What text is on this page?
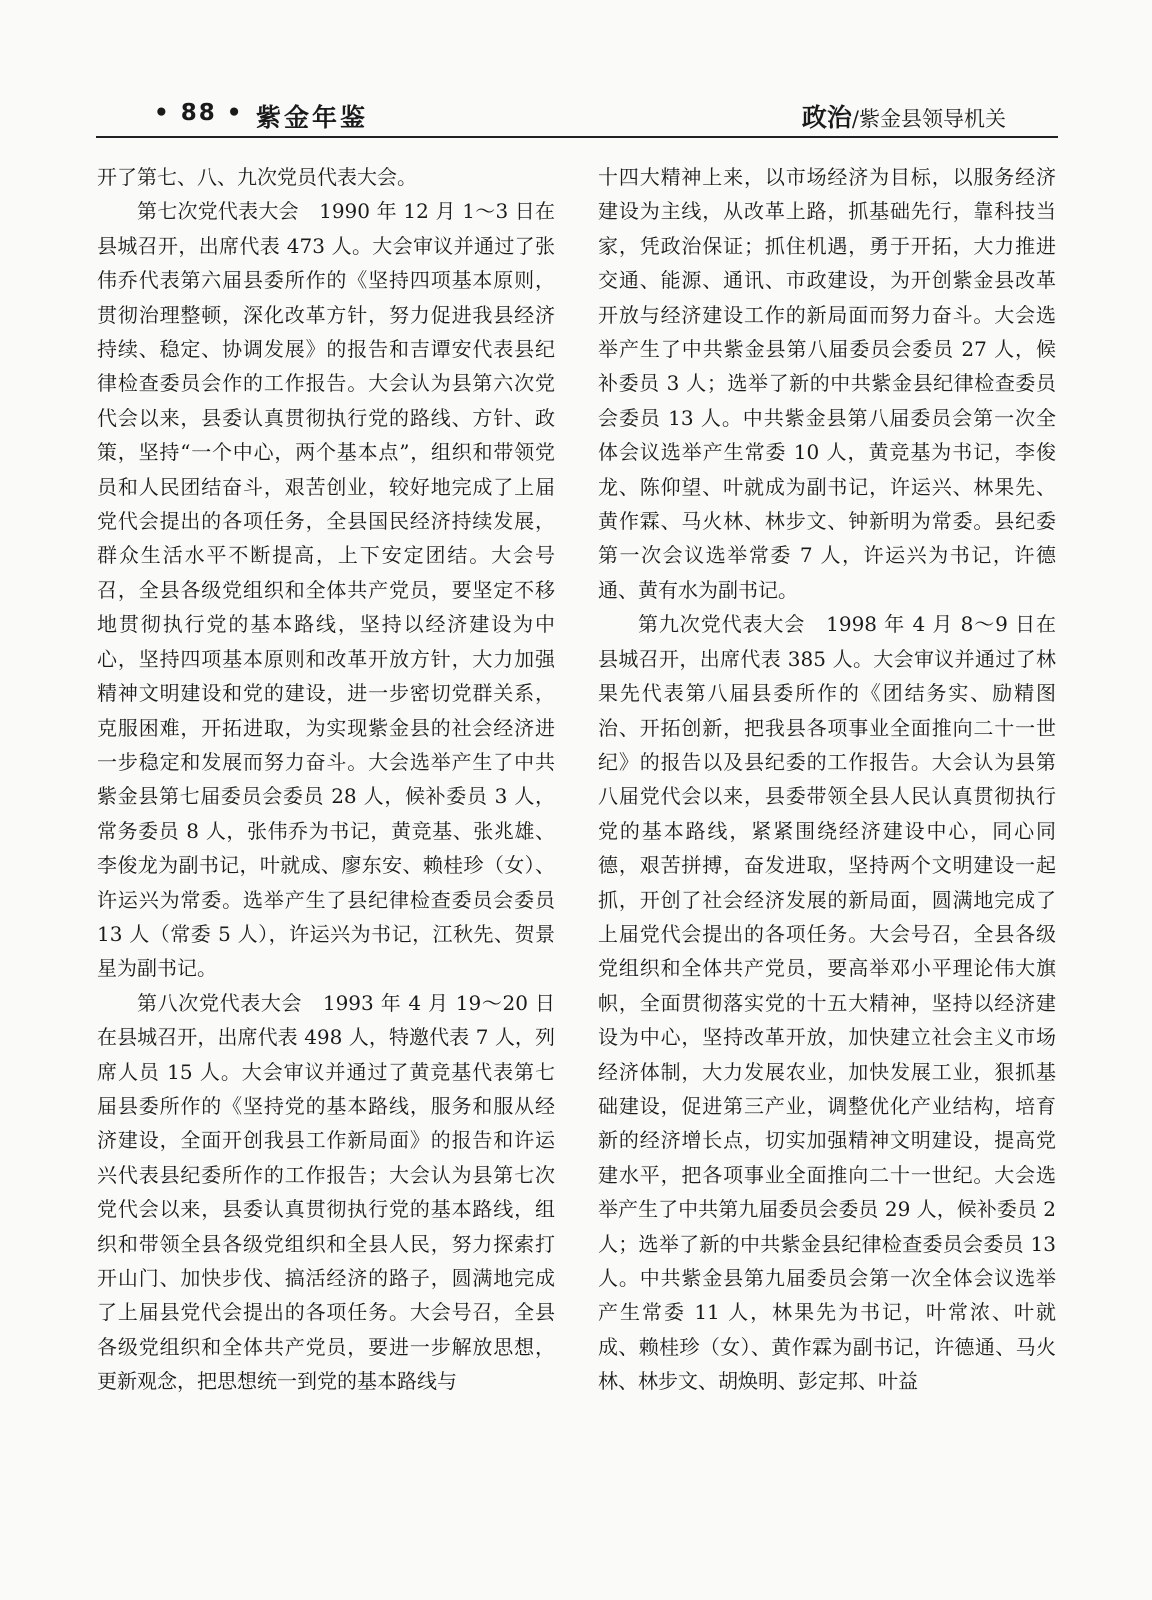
• 88 • 紫金年鉴	政治/紫金县领导机关

开了第七、八、九次党员代表大会。

第七次党代表大会　1990 年 12 月 1～3 日在县城召开，出席代表 473 人。大会审议并通过了张伟乔代表第六届县委所作的《坚持四项基本原则，贯彻治理整顿，深化改革方针，努力促进我县经济持续、稳定、协调发展》的报告和吉谭安代表县纪律检查委员会作的工作报告。大会认为县第六次党代会以来，县委认真贯彻执行党的路线、方针、政策，坚持“一个中心，两个基本点”，组织和带领党员和人民团结奋斗，艰苦创业，较好地完成了上届党代会提出的各项任务，全县国民经济持续发展，群众生活水平不断提高，上下安定团结。大会号召，全县各级党组织和全体共产党员，要坚定不移地贯彻执行党的基本路线，坚持以经济建设为中心，坚持四项基本原则和改革开放方针，大力加强精神文明建设和党的建设，进一步密切党群关系，克服困难，开拓进取，为实现紫金县的社会经济进一步稳定和发展而努力奋斗。大会选举产生了中共紫金县第七届委员会委员 28 人，候补委员 3 人，常务委员 8 人，张伟乔为书记，黄竞基、张兆雄、李俊龙为副书记，叶就成、廖东安、赖桂珍（女）、许运兴为常委。选举产生了县纪律检查委员会委员 13 人（常委 5 人），许运兴为书记，江秋先、贺景星为副书记。

第八次党代表大会　1993 年 4 月 19～20 日在县城召开，出席代表 498 人，特邀代表 7 人，列席人员 15 人。大会审议并通过了黄竞基代表第七届县委所作的《坚持党的基本路线，服务和服从经济建设，全面开创我县工作新局面》的报告和许运兴代表县纪委所作的工作报告；大会认为县第七次党代会以来，县委认真贯彻执行党的基本路线，组织和带领全县各级党组织和全县人民，努力探索打开山门、加快步伐、搞活经济的路子，圆满地完成了上届县党代会提出的各项任务。大会号召，全县各级党组织和全体共产党员，要进一步解放思想，更新观念，把思想统一到党的基本路线与

十四大精神上来，以市场经济为目标，以服务经济建设为主线，从改革上路，抓基础先行，靠科技当家，凭政治保证；抓住机遇，勇于开拓，大力推进交通、能源、通讯、市政建设，为开创紫金县改革开放与经济建设工作的新局面而努力奋斗。大会选举产生了中共紫金县第八届委员会委员 27 人，候补委员 3 人；选举了新的中共紫金县纪律检查委员会委员 13 人。中共紫金县第八届委员会第一次全体会议选举产生常委 10 人，黄竞基为书记，李俊龙、陈仰望、叶就成为副书记，许运兴、林果先、黄作霖、马火林、林步文、钟新明为常委。县纪委第一次会议选举常委 7 人，许运兴为书记，许德通、黄有水为副书记。

第九次党代表大会　1998 年 4 月 8～9 日在县城召开，出席代表 385 人。大会审议并通过了林果先代表第八届县委所作的《团结务实、励精图治、开拓创新，把我县各项事业全面推向二十一世纪》的报告以及县纪委的工作报告。大会认为县第八届党代会以来，县委带领全县人民认真贯彻执行党的基本路线，紧紧围绕经济建设中心，同心同德，艰苦拼搏，奋发进取，坚持两个文明建设一起抓，开创了社会经济发展的新局面，圆满地完成了上届党代会提出的各项任务。大会号召，全县各级党组织和全体共产党员，要高举邓小平理论伟大旗帜，全面贯彻落实党的十五大精神，坚持以经济建设为中心，坚持改革开放，加快建立社会主义市场经济体制，大力发展农业，加快发展工业，狠抓基础建设，促进第三产业，调整优化产业结构，培育新的经济增长点，切实加强精神文明建设，提高党建水平，把各项事业全面推向二十一世纪。大会选举产生了中共第九届委员会委员 29 人，候补委员 2 人；选举了新的中共紫金县纪律检查委员会委员 13 人。中共紫金县第九届委员会第一次全体会议选举产生常委 11 人，林果先为书记，叶常浓、叶就成、赖桂珍（女）、黄作霖为副书记，许德通、马火林、林步文、胡焕明、彭定邦、叶益
